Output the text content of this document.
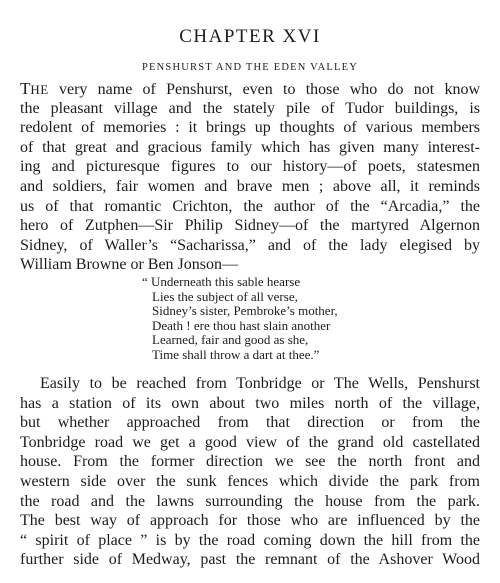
CHAPTER XVI
PENSHURST AND THE EDEN VALLEY
THE very name of Penshurst, even to those who do not know
the pleasant village and the stately pile of Tudor buildings, is
redolent of memories : it brings up thoughts of various members
of that great and gracious family which has given many interest-
ing and picturesque figures to our history—of poets, statesmen
and soldiers, fair women and brave men ; above all, it reminds
us of that romantic Crichton, the author of the “Arcadia,” the
hero of Zutphen—Sir Philip Sidney—of the martyred Algernon
Sidney, of Waller’s “Sacharissa,” and of the lady elegised by
William Browne or Ben Jonson—
“ Underneath this sable hearse
Lies the subject of all verse,
Sidney’s sister, Pembroke’s mother,
Death ! ere thou hast slain another
Learned, fair and good as she,
Time shall throw a dart at thee.”
Easily to be reached from Tonbridge or The Wells, Penshurst
has a station of its own about two miles north of the village,
but whether approached from that direction or from the
Tonbridge road we get a good view of the grand old castellated
house. From the former direction we see the north front and
western side over the sunk fences which divide the park from
the road and the lawns surrounding the house from the park.
The best way of approach for those who are influenced by the
“ spirit of place ” is by the road coming down the hill from the
further side of Medway, past the remnant of the Ashover Wood
